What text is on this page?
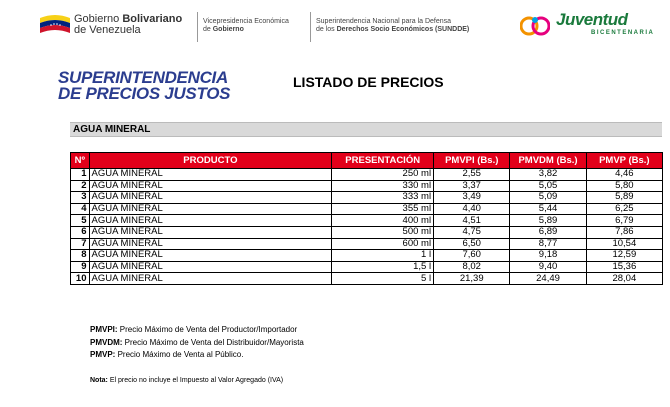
Gobierno Bolivariano
de Venezuela
Vicepresidencia Económica
de Gobierno
Superintendencia Nacional para la Defensa
de los Derechos Socio Económicos (SUNDDE)
Juventud
BICENTENARIA
SUPERINTENDENCIA
DE PRECIOS JUSTOS
LISTADO DE PRECIOS
AGUA MINERAL
Nº	PRODUCTO	PRESENTACIÓN	PMVPI (Bs.)	PMVDM (Bs.)	PMVP (Bs.)
1	AGUA MINERAL	250 ml	2,55	3,82	4,46
2	AGUA MINERAL	330 ml	3,37	5,05	5,80
3	AGUA MINERAL	333 ml	3,49	5,09	5,89
4	AGUA MINERAL	355 ml	4,40	5,44	6,25
5	AGUA MINERAL	400 ml	4,51	5,89	6,79
6	AGUA MINERAL	500 ml	4,75	6,89	7,86
7	AGUA MINERAL	600 ml	6,50	8,77	10,54
8	AGUA MINERAL	1 l	7,60	9,18	12,59
9	AGUA MINERAL	1,5 l	8,02	9,40	15,36
10	AGUA MINERAL	5 l	21,39	24,49	28,04
PMVPI: Precio Máximo de Venta del Productor/Importador
PMVDM: Precio Máximo de Venta del Distribuidor/Mayorista
PMVP: Precio Máximo de Venta al Público.
Nota: El precio no incluye el Impuesto al Valor Agregado (IVA)
